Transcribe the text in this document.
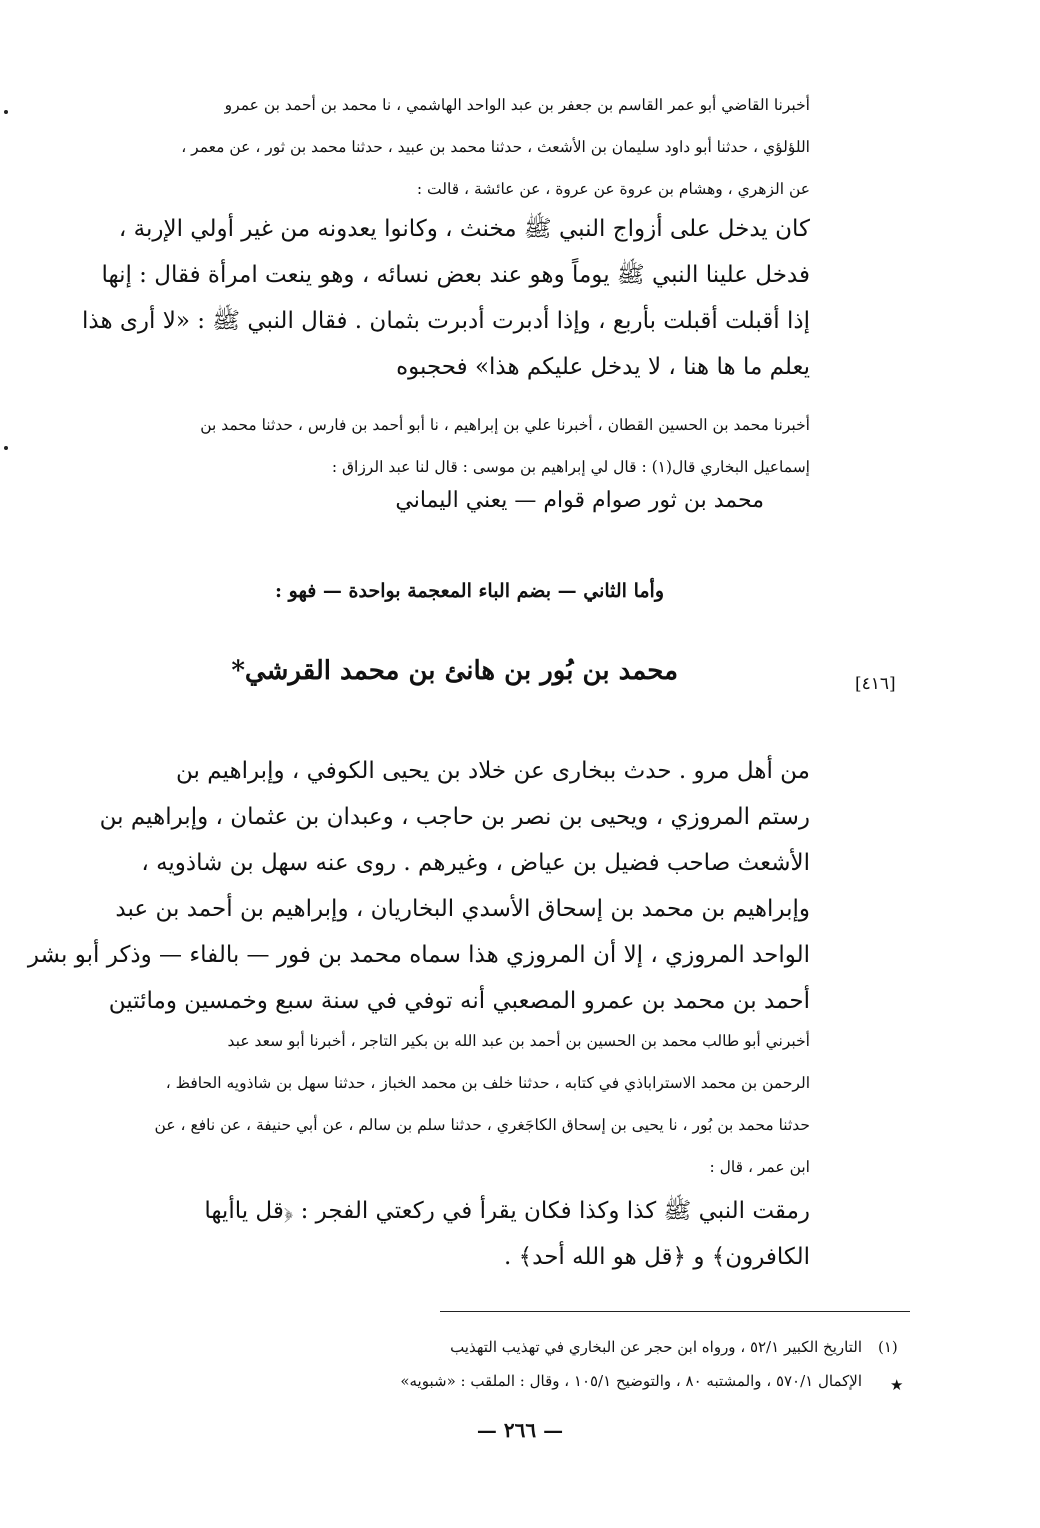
أخبرنا القاضي أبو عمر القاسم بن جعفر بن عبد الواحد الهاشمي ، نا محمد بن أحمد بن عمرو
اللؤلؤي ، حدثنا أبو داود سليمان بن الأشعث ، حدثنا محمد بن عبيد ، حدثنا محمد بن ثور ، عن معمر ،
عن الزهري ، وهشام بن عروة عن عروة ، عن عائشة ، قالت :
كان يدخل على أزواج النبي ﷺ مخنث ، وكانوا يعدونه من غير أولي الإربة ،
فدخل علينا النبي ﷺ يوماً وهو عند بعض نسائه ، وهو ينعت امرأة فقال : إنها
إذا أقبلت أقبلت بأربع ، وإذا أدبرت أدبرت بثمان . فقال النبي ﷺ : «لا أرى هذا
يعلم ما ها هنا ، لا يدخل عليكم هذا» فحجبوه
أخبرنا محمد بن الحسين القطان ، أخبرنا علي بن إبراهيم ، نا أبو أحمد بن فارس ، حدثنا محمد بن
إسماعيل البخاري قال(١) : قال لي إبراهيم بن موسى : قال لنا عبد الرزاق :
محمد بن ثور صوام قوام — يعني اليماني
وأما الثاني — بضم الباء المعجمة بواحدة — فهو :
محمد بن بُور بن هانئ بن محمد القرشي*	[٤١٦]
من أهل مرو . حدث ببخارى عن خلاد بن يحيى الكوفي ، وإبراهيم بن
رستم المروزي ، ويحيى بن نصر بن حاجب ، وعبدان بن عثمان ، وإبراهيم بن
الأشعث صاحب فضيل بن عياض ، وغيرهم . روى عنه سهل بن شاذويه ،
وإبراهيم بن محمد بن إسحاق الأسدي البخاريان ، وإبراهيم بن أحمد بن عبد
الواحد المروزي ، إلا أن المروزي هذا سماه محمد بن فور — بالفاء — وذكر أبو بشر
أحمد بن محمد بن عمرو المصعبي أنه توفي في سنة سبع وخمسين ومائتين
أخبرني أبو طالب محمد بن الحسين بن أحمد بن عبد الله بن بكير التاجر ، أخبرنا أبو سعد عبد
الرحمن بن محمد الاستراباذي في كتابه ، حدثنا خلف بن محمد الخباز ، حدثنا سهل بن شاذويه الحافظ ،
حدثنا محمد بن بُور ، نا يحيى بن إسحاق الكاجَغري ، حدثنا سلم بن سالم ، عن أبي حنيفة ، عن نافع ، عن
ابن عمر ، قال :
رمقت النبي ﷺ كذا وكذا فكان يقرأ في ركعتي الفجر : ﴿قل ياأيها
الكافرون﴾ و ﴿قل هو الله أحد﴾ .
(١)
التاريخ الكبير ٥٢/١ ، ورواه ابن حجر عن البخاري في تهذيب التهذيب
★
الإكمال ٥٧٠/١ ، والمشتبه ٨٠ ، والتوضيح ١٠٥/١ ، وقال : الملقب : «شبويه»
— ٢٦٦ —
